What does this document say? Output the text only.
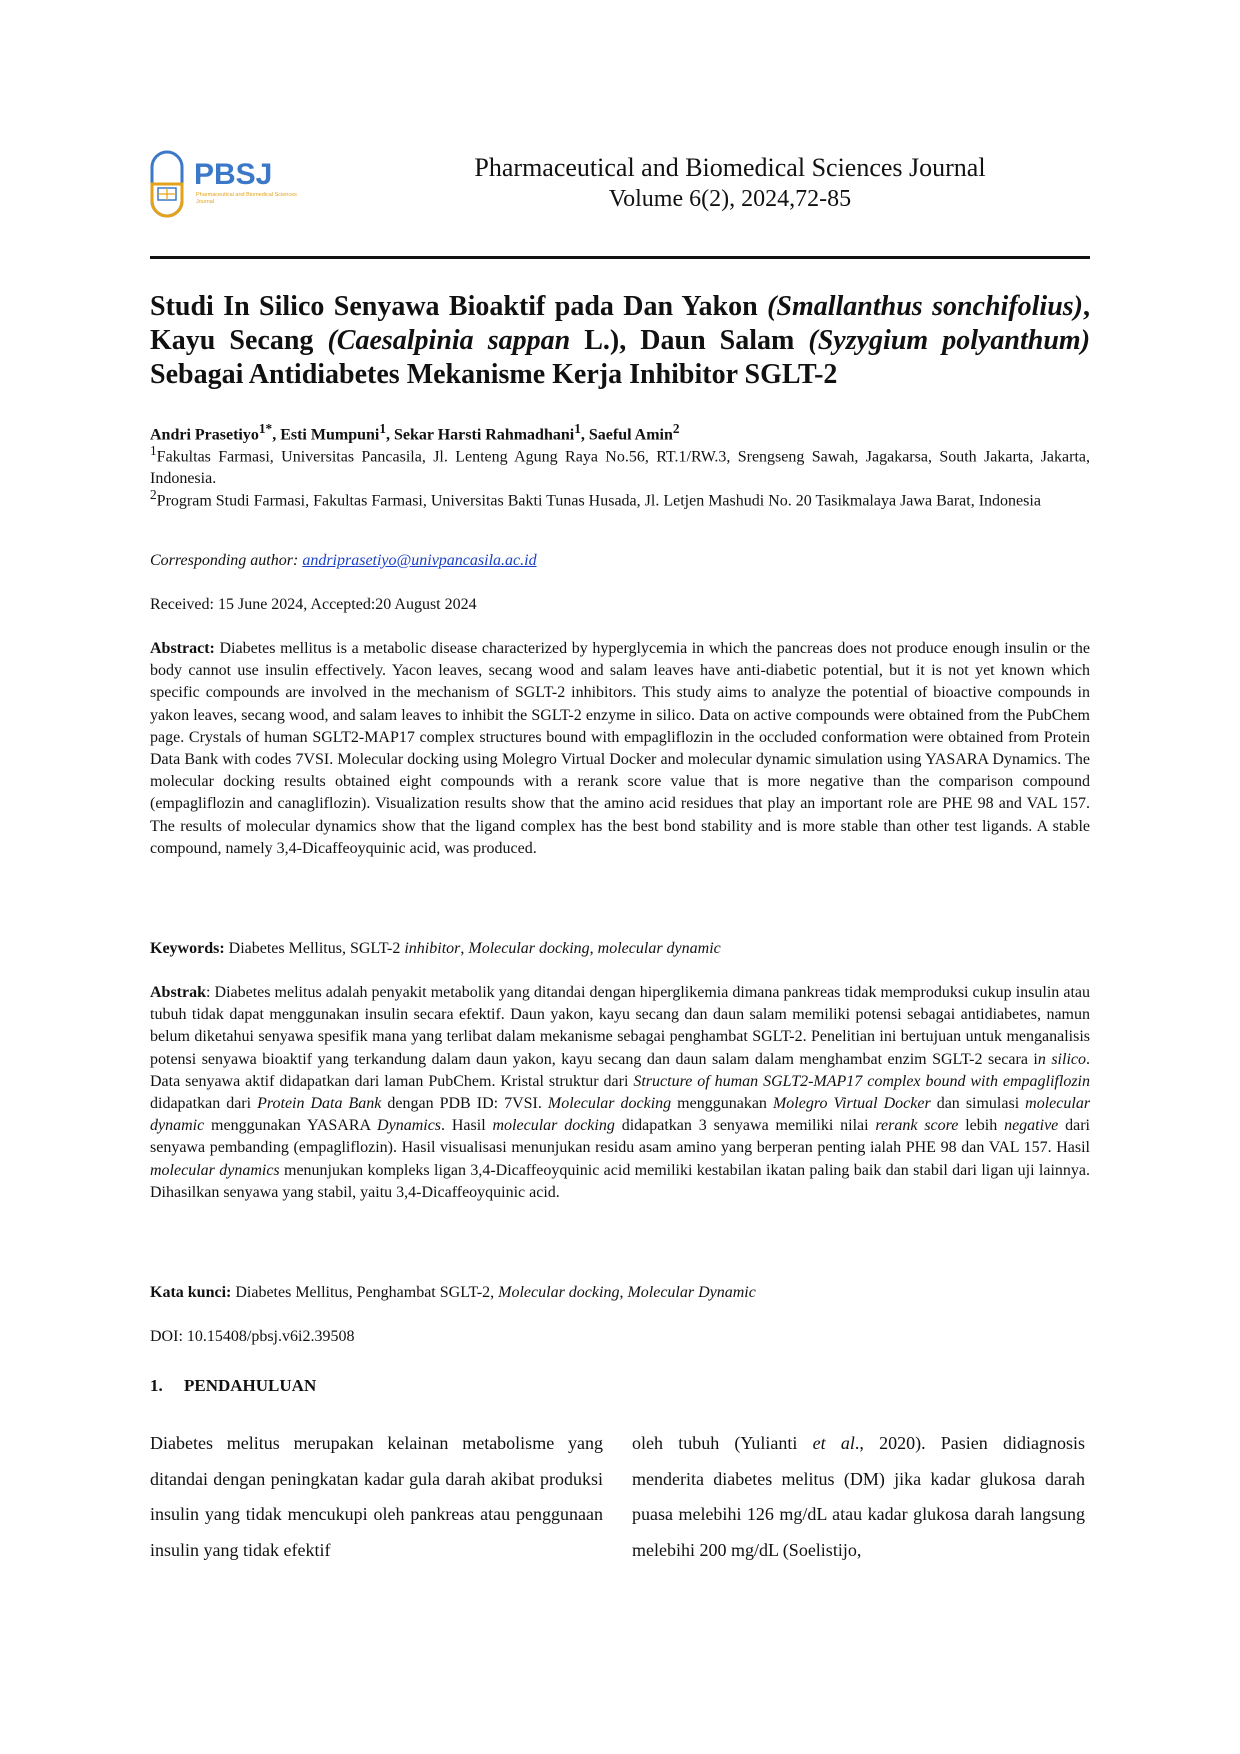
PBSJ
Pharmaceutical and Biomedical Sciences Journal
Pharmaceutical and Biomedical Sciences Journal
Volume 6(2), 2024,72-85
Studi In Silico Senyawa Bioaktif pada Dan Yakon (Smallanthus sonchifolius), Kayu Secang (Caesalpinia sappan L.), Daun Salam (Syzygium polyanthum) Sebagai Antidiabetes Mekanisme Kerja Inhibitor SGLT-2
Andri Prasetiyo$^{1*}$, Esti Mumpuni$^1$, Sekar Harsti Rahmadhani$^1$, Saeful Amin$^2$
$^1$Fakultas Farmasi, Universitas Pancasila, Jl. Lenteng Agung Raya No.56, RT.1/RW.3, Srengseng Sawah, Jagakarsa, South Jakarta, Jakarta, Indonesia.
$^2$Program Studi Farmasi, Fakultas Farmasi, Universitas Bakti Tunas Husada, Jl. Letjen Mashudi No. 20 Tasikmalaya Jawa Barat, Indonesia
Corresponding author: andriprasetiyo@univpancasila.ac.id
Received: 15 June 2024, Accepted:20 August 2024
Abstract: Diabetes mellitus is a metabolic disease characterized by hyperglycemia in which the pancreas does not produce enough insulin or the body cannot use insulin effectively. Yacon leaves, secang wood and salam leaves have anti-diabetic potential, but it is not yet known which specific compounds are involved in the mechanism of SGLT-2 inhibitors. This study aims to analyze the potential of bioactive compounds in yakon leaves, secang wood, and salam leaves to inhibit the SGLT-2 enzyme in silico. Data on active compounds were obtained from the PubChem page. Crystals of human SGLT2-MAP17 complex structures bound with empagliflozin in the occluded conformation were obtained from Protein Data Bank with codes 7VSI. Molecular docking using Molegro Virtual Docker and molecular dynamic simulation using YASARA Dynamics. The molecular docking results obtained eight compounds with a rerank score value that is more negative than the comparison compound (empagliflozin and canagliflozin). Visualization results show that the amino acid residues that play an important role are PHE 98 and VAL 157. The results of molecular dynamics show that the ligand complex has the best bond stability and is more stable than other test ligands. A stable compound, namely 3,4-Dicaffeoyquinic acid, was produced.
Keywords: Diabetes Mellitus, SGLT-2 inhibitor, Molecular docking, molecular dynamic
Abstrak: Diabetes melitus adalah penyakit metabolik yang ditandai dengan hiperglikemia dimana pankreas tidak memproduksi cukup insulin atau tubuh tidak dapat menggunakan insulin secara efektif. Daun yakon, kayu secang dan daun salam memiliki potensi sebagai antidiabetes, namun belum diketahui senyawa spesifik mana yang terlibat dalam mekanisme sebagai penghambat SGLT-2. Penelitian ini bertujuan untuk menganalisis potensi senyawa bioaktif yang terkandung dalam daun yakon, kayu secang dan daun salam dalam menghambat enzim SGLT-2 secara in silico. Data senyawa aktif didapatkan dari laman PubChem. Kristal struktur dari Structure of human SGLT2-MAP17 complex bound with empagliflozin didapatkan dari Protein Data Bank dengan PDB ID: 7VSI. Molecular docking menggunakan Molegro Virtual Docker dan simulasi molecular dynamic menggunakan YASARA Dynamics. Hasil molecular docking didapatkan 3 senyawa memiliki nilai rerank score lebih negative dari senyawa pembanding (empagliflozin). Hasil visualisasi menunjukan residu asam amino yang berperan penting ialah PHE 98 dan VAL 157. Hasil molecular dynamics menunjukan kompleks ligan 3,4-Dicaffeoyquinic acid memiliki kestabilan ikatan paling baik dan stabil dari ligan uji lainnya. Dihasilkan senyawa yang stabil, yaitu 3,4-Dicaffeoyquinic acid.
Kata kunci: Diabetes Mellitus, Penghambat SGLT-2, Molecular docking, Molecular Dynamic
DOI: 10.15408/pbsj.v6i2.39508
1. PENDAHULUAN
Diabetes melitus merupakan kelainan metabolisme yang ditandai dengan peningkatan kadar gula darah akibat produksi insulin yang tidak mencukupi oleh pankreas atau penggunaan insulin yang tidak efektif
oleh tubuh (Yulianti et al., 2020). Pasien didiagnosis menderita diabetes melitus (DM) jika kadar glukosa darah puasa melebihi 126 mg/dL atau kadar glukosa darah langsung melebihi 200 mg/dL (Soelistijo,
